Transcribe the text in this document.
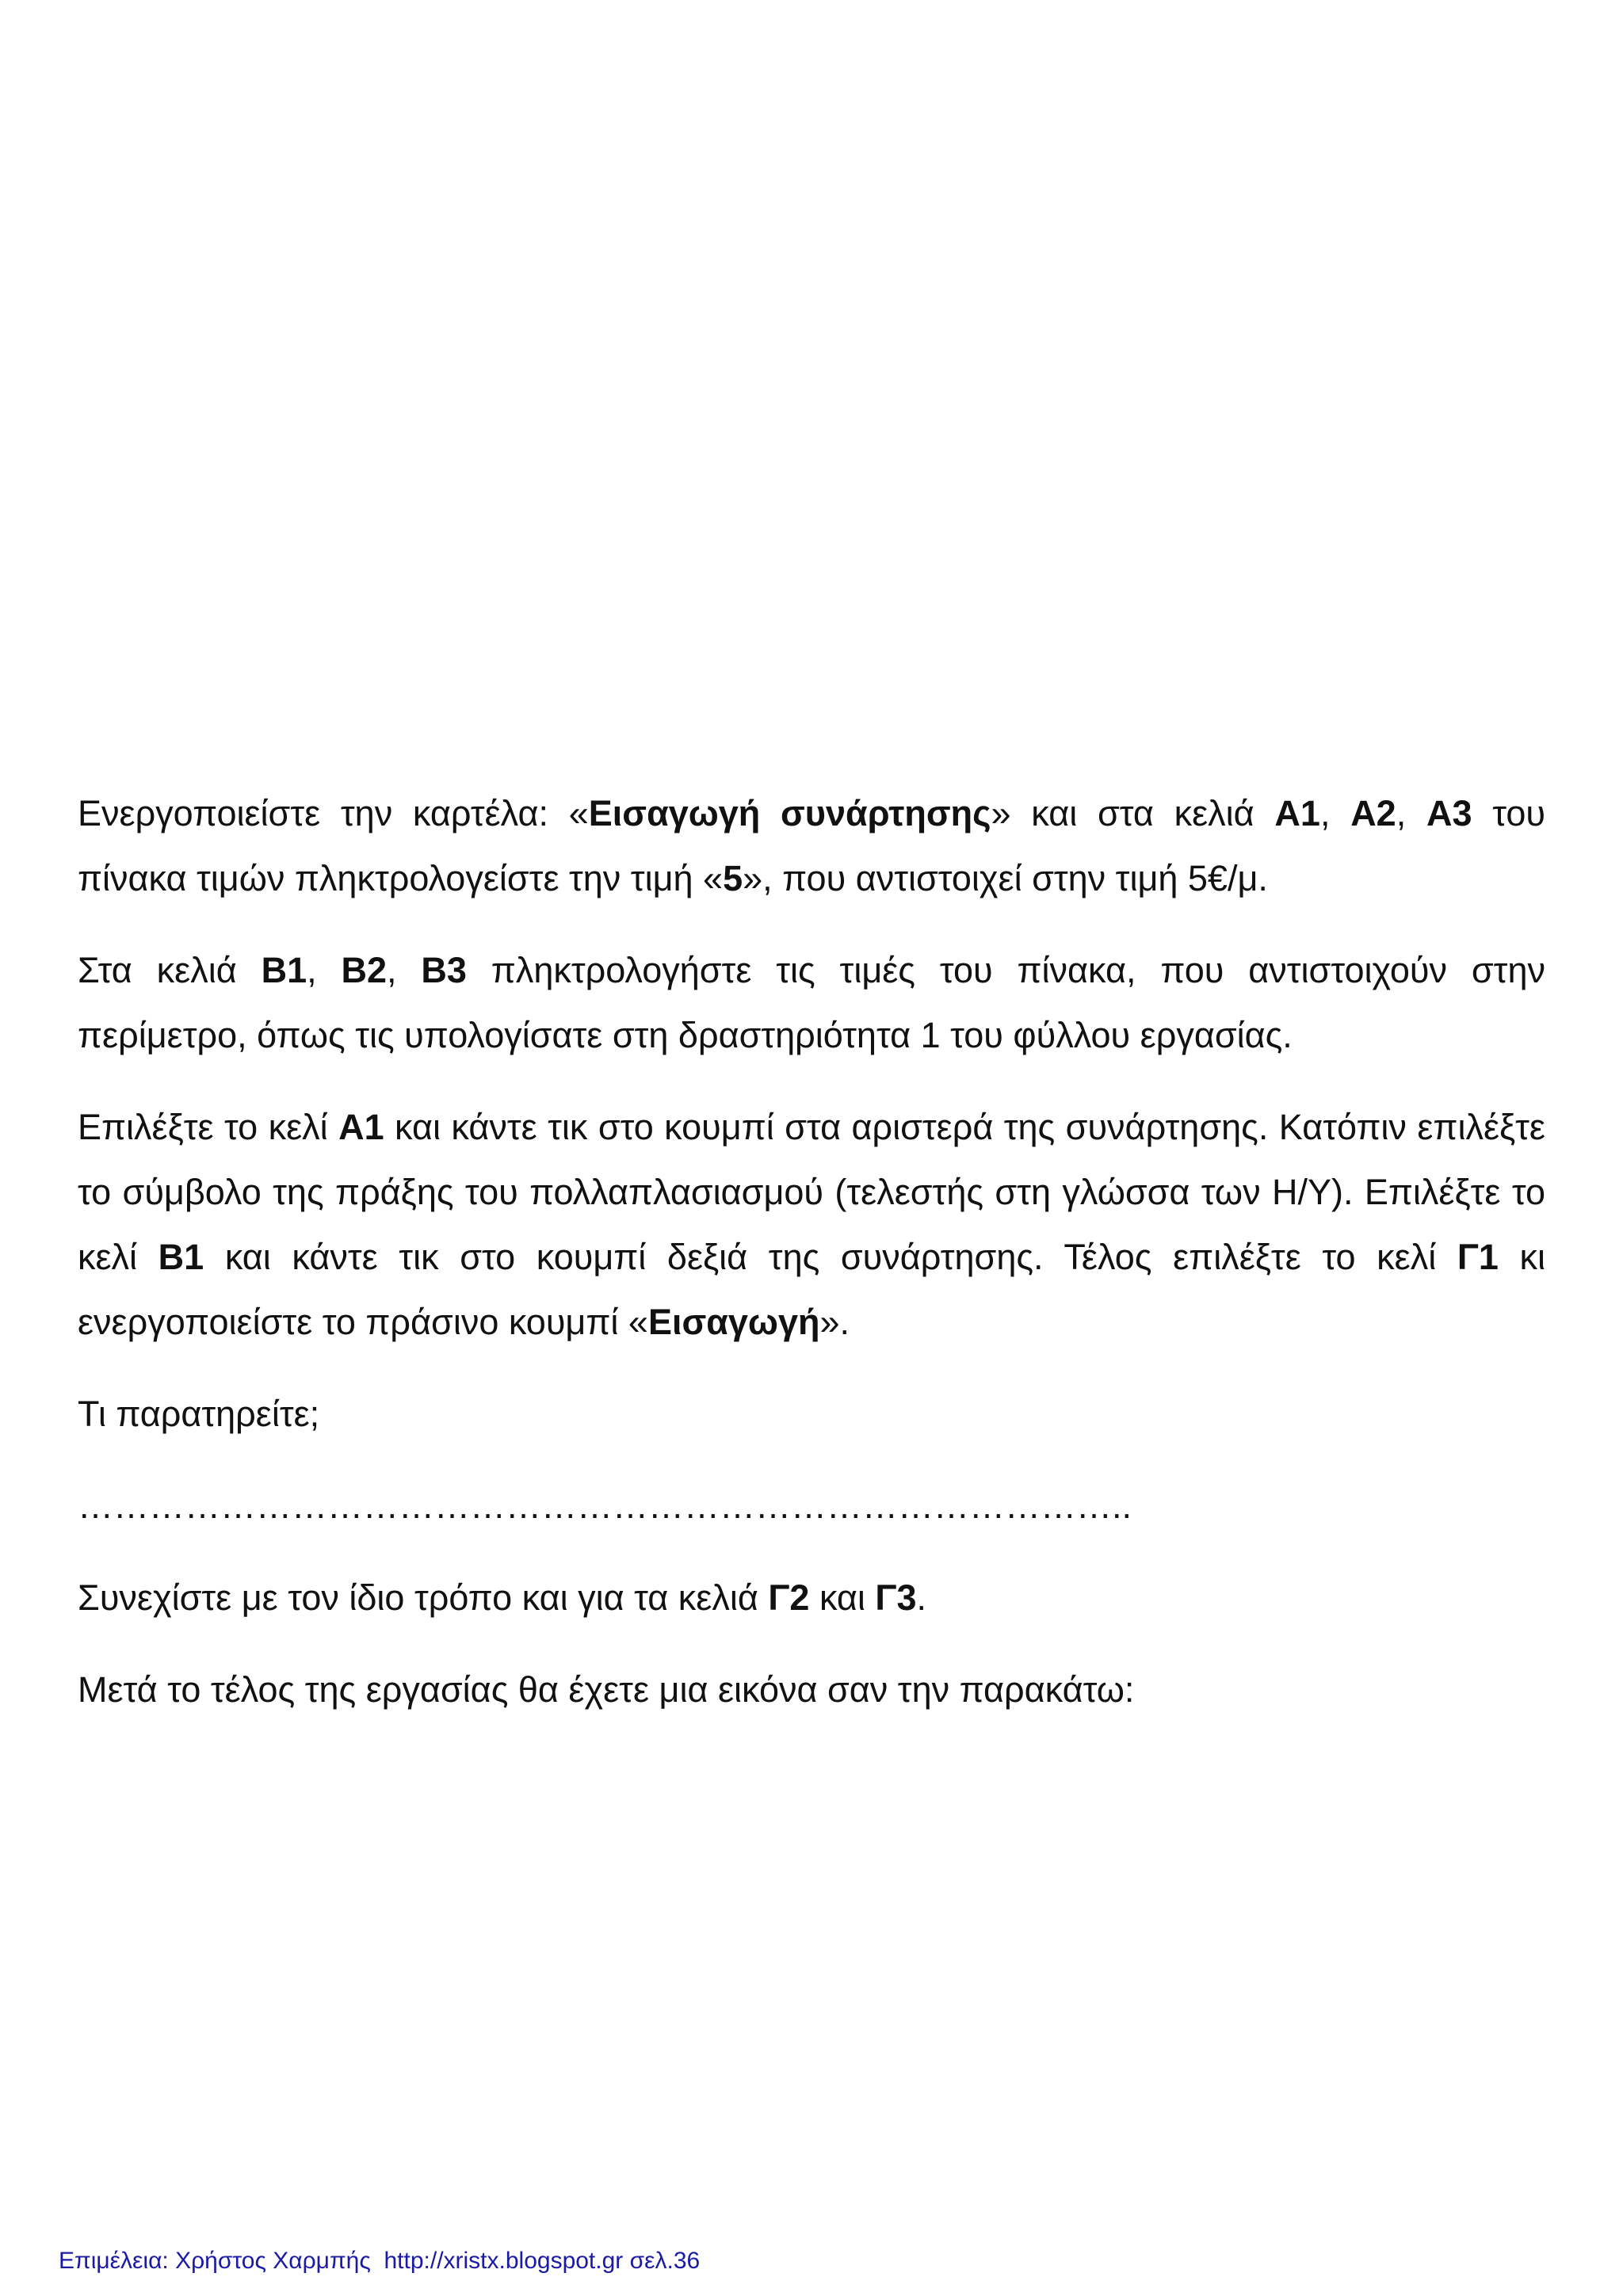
Ενεργοποιείστε την καρτέλα: «Εισαγωγή συνάρτησης» και στα κελιά A1, A2, A3 του πίνακα τιμών πληκτρολογείστε την τιμή «5», που αντιστοιχεί στην τιμή 5€/μ.

Στα κελιά B1, B2, B3 πληκτρολογήστε τις τιμές του πίνακα, που αντιστοιχούν στην περίμετρο, όπως τις υπολογίσατε στη δραστηριότητα 1 του φύλλου εργασίας.

Επιλέξτε το κελί A1 και κάντε τικ στο κουμπί στα αριστερά της συνάρτησης. Κατόπιν επιλέξτε το σύμβολο της πράξης του πολλαπλασιασμού (τελεστής στη γλώσσα των Η/Υ). Επιλέξτε το κελί B1 και κάντε τικ στο κουμπί δεξιά της συνάρτησης. Τέλος επιλέξτε το κελί Γ1 κι ενεργοποιείστε το πράσινο κουμπί «Εισαγωγή».

Τι παρατηρείτε;

……………………………………………………………………………..

Συνεχίστε με τον ίδιο τρόπο και για τα κελιά Γ2 και Γ3.

Μετά το τέλος της εργασίας θα έχετε μια εικόνα σαν την παρακάτω:

Επιμέλεια: Χρήστος Χαρμπής  http://xristx.blogspot.gr σελ.36
